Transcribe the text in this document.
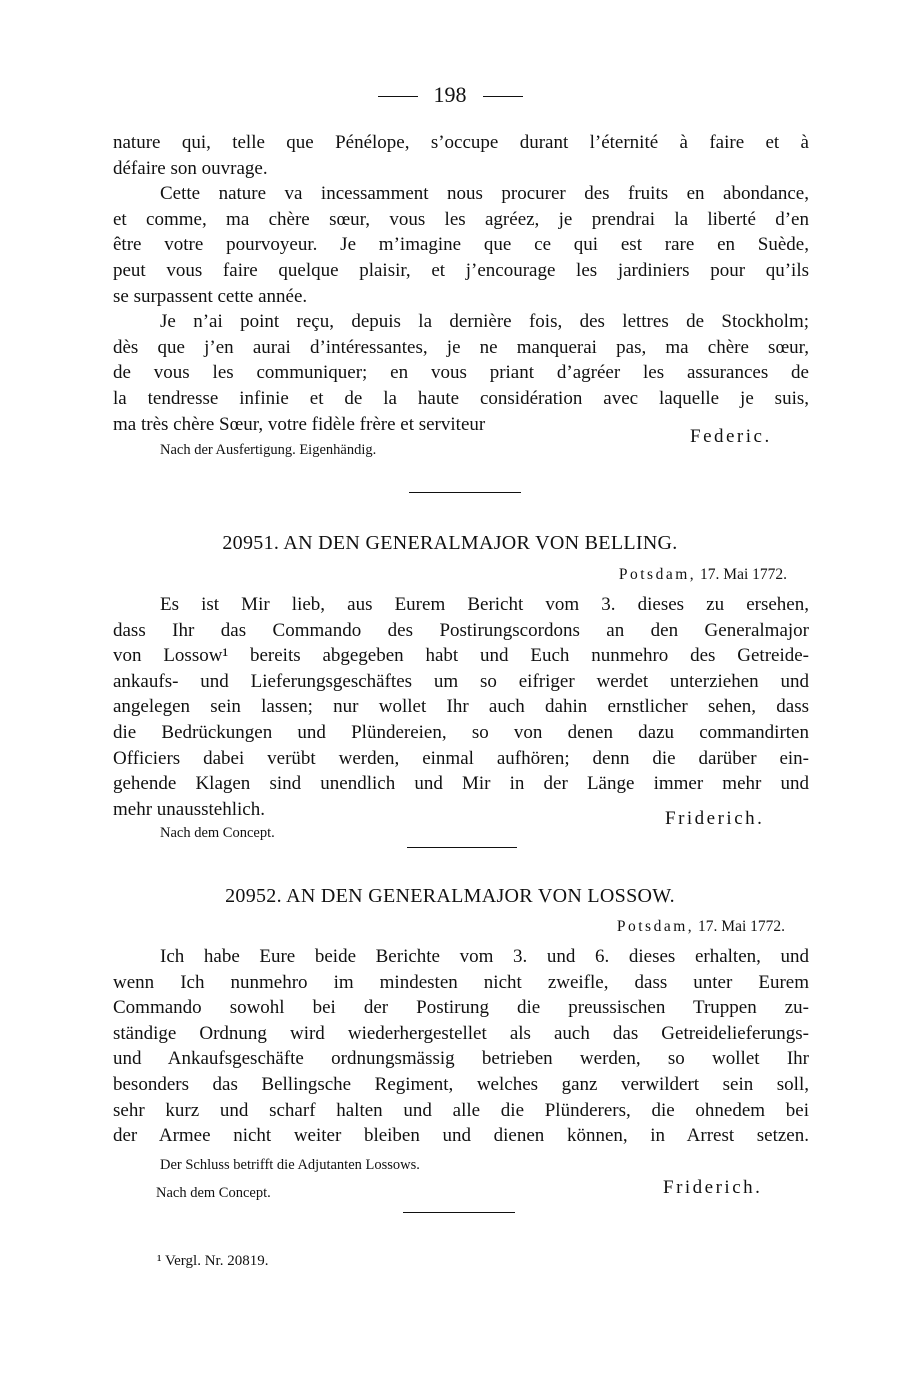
198
nature qui, telle que Pénélope, s’occupe durant l’éternité à faire et à
défaire son ouvrage.
Cette nature va incessamment nous procurer des fruits en abondance,
et comme, ma chère sœur, vous les agréez, je prendrai la liberté d’en
être votre pourvoyeur. Je m’imagine que ce qui est rare en Suède,
peut vous faire quelque plaisir, et j’encourage les jardiniers pour qu’ils
se surpassent cette année.
Je n’ai point reçu, depuis la dernière fois, des lettres de Stockholm;
dès que j’en aurai d’intéressantes, je ne manquerai pas, ma chère sœur,
de vous les communiquer; en vous priant d’agréer les assurances de
la tendresse infinie et de la haute considération avec laquelle je suis,
ma très chère Sœur, votre fidèle frère et serviteur
Federic.
Nach der Ausfertigung. Eigenhändig.
20951. AN DEN GENERALMAJOR VON BELLING.
Potsdam, 17. Mai 1772.
Es ist Mir lieb, aus Eurem Bericht vom 3. dieses zu ersehen,
dass Ihr das Commando des Postirungscordons an den Generalmajor
von Lossow¹ bereits abgegeben habt und Euch nunmehro des Getreide-
ankaufs- und Lieferungsgeschäftes um so eifriger werdet unterziehen und
angelegen sein lassen; nur wollet Ihr auch dahin ernstlicher sehen, dass
die Bedrückungen und Plündereien, so von denen dazu commandirten
Officiers dabei verübt werden, einmal aufhören; denn die darüber ein-
gehende Klagen sind unendlich und Mir in der Länge immer mehr und
mehr unausstehlich.	Friderich.
Nach dem Concept.
20952. AN DEN GENERALMAJOR VON LOSSOW.
Potsdam, 17. Mai 1772.
Ich habe Eure beide Berichte vom 3. und 6. dieses erhalten, und
wenn Ich nunmehro im mindesten nicht zweifle, dass unter Eurem
Commando sowohl bei der Postirung die preussischen Truppen zu-
ständige Ordnung wird wiederhergestellet als auch das Getreidelieferungs-
und Ankaufsgeschäfte ordnungsmässig betrieben werden, so wollet Ihr
besonders das Bellingsche Regiment, welches ganz verwildert sein soll,
sehr kurz und scharf halten und alle die Plünderers, die ohnedem bei
der Armee nicht weiter bleiben und dienen können, in Arrest setzen.
Der Schluss betrifft die Adjutanten Lossows.
Nach dem Concept.	Friderich.
¹ Vergl. Nr. 20819.
